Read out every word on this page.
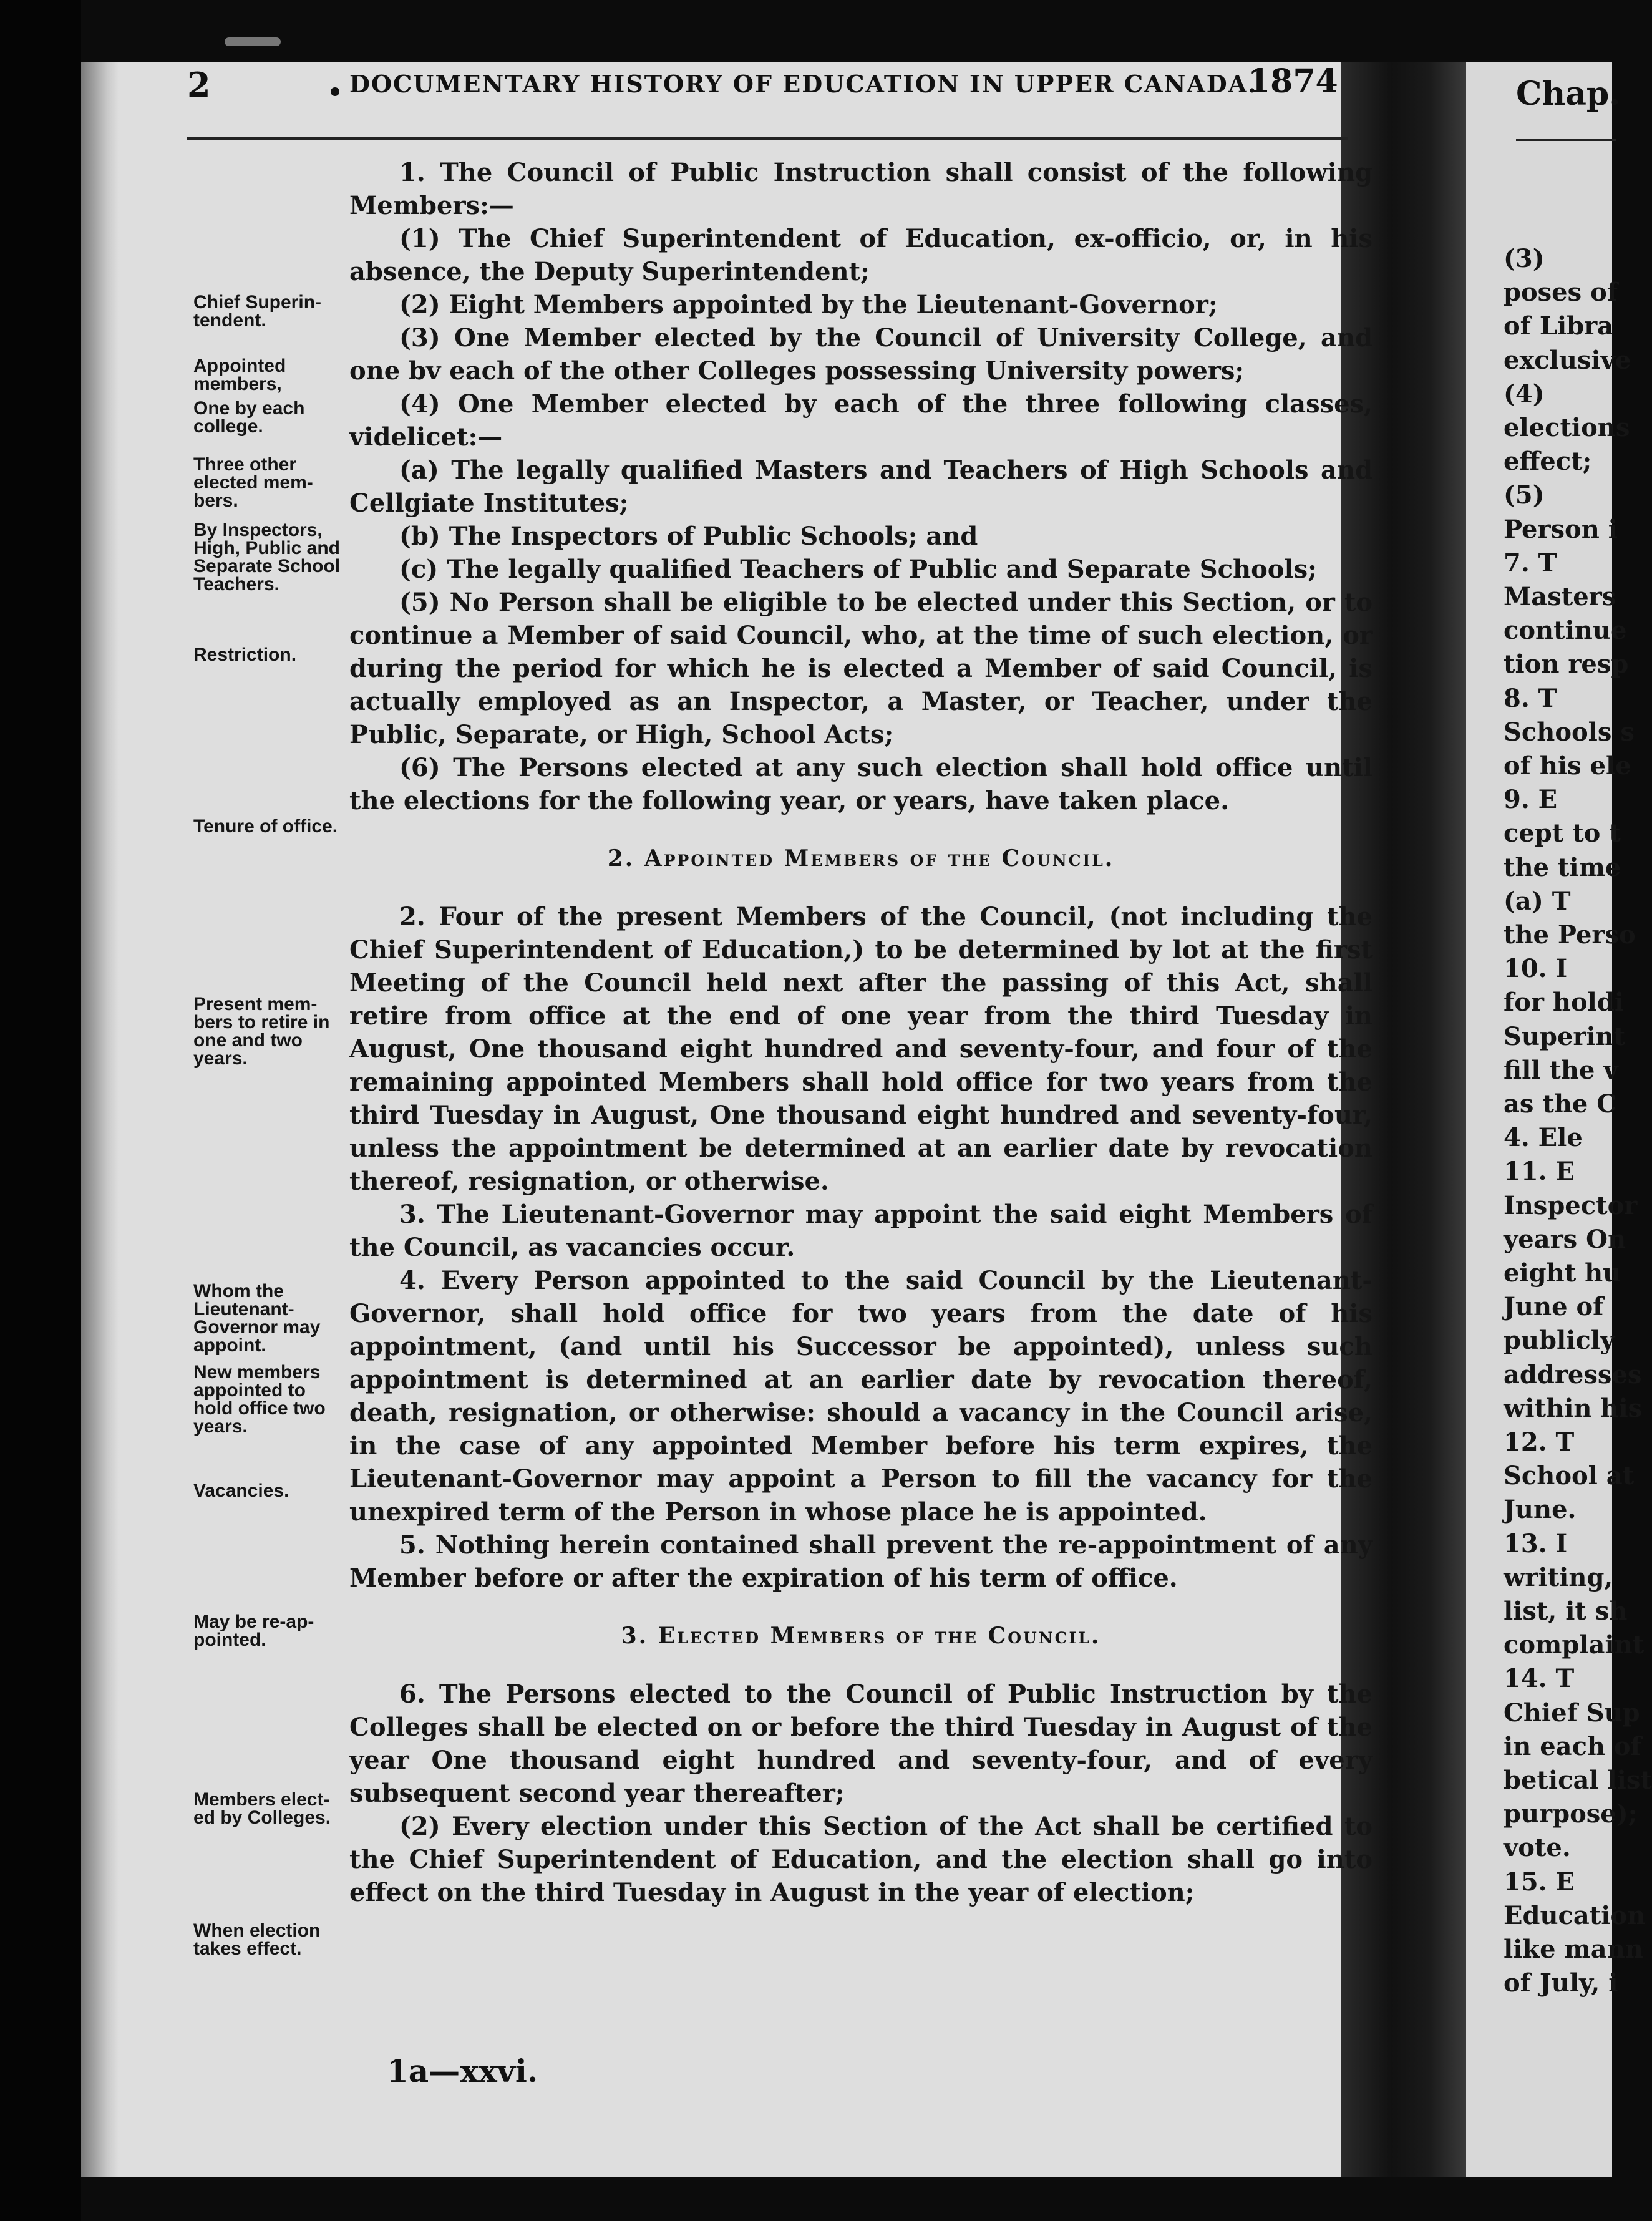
2	DOCUMENTARY HISTORY OF EDUCATION IN UPPER CANADA.
1874
Chief Superin-tendent.
Appointed members,
One by each college.
Three other elected mem-bers.
By Inspectors, High, Public and Separate School Teachers.
Restriction.
Tenure of office.
Present mem-bers to retire in one and two years.
Whom the Lieutenant-Governor may appoint.
New members appointed to hold office two years.
Vacancies.
May be re-ap-pointed.
Members elect-ed by Colleges.
When election takes effect.

1. The Council of Public Instruction shall consist of the following Members:—

(1) The Chief Superintendent of Education, ex-officio, or, in his absence, the Deputy Superintendent;

(2) Eight Members appointed by the Lieutenant-Governor;

(3) One Member elected by the Council of University College, and one bv each of the other Colleges possessing University powers;

(4) One Member elected by each of the three following classes, videlicet:—

(a) The legally qualified Masters and Teachers of High Schools and Cellgiate Institutes;

(b) The Inspectors of Public Schools; and

(c) The legally qualified Teachers of Public and Separate Schools;

(5) No Person shall be eligible to be elected under this Section, or to continue a Member of said Council, who, at the time of such election, or during the period for which he is elected a Member of said Council, is actually employed as an Inspector, a Master, or Teacher, under the Public, Separate, or High, School Acts;

(6) The Persons elected at any such election shall hold office until the elections for the following year, or years, have taken place.

2. Appointed Members of the Council.

2. Four of the present Members of the Council, (not including the Chief Superintendent of Education,) to be determined by lot at the first Meeting of the Council held next after the passing of this Act, shall retire from office at the end of one year from the third Tuesday in August, One thousand eight hundred and seventy-four, and four of the remaining appointed Members shall hold office for two years from the third Tuesday in August, One thousand eight hundred and seventy-four, unless the appointment be determined at an earlier date by revocation thereof, resignation, or otherwise.

3. The Lieutenant-Governor may appoint the said eight Members of the Council, as vacancies occur.

4. Every Person appointed to the said Council by the Lieutenant-Governor, shall hold office for two years from the date of his appointment, (and until his Successor be appointed), unless such appointment is determined at an earlier date by revocation thereof, death, resignation, or otherwise: should a vacancy in the Council arise, in the case of any appointed Member before his term expires, the Lieutenant-Governor may appoint a Person to fill the vacancy for the unexpired term of the Person in whose place he is appointed.

5. Nothing herein contained shall prevent the re-appointment of any Member before or after the expiration of his term of office.

3. Elected Members of the Council.

6. The Persons elected to the Council of Public Instruction by the Colleges shall be elected on or before the third Tuesday in August of the year One thousand eight hundred and seventy-four, and of every subsequent second year thereafter;

(2) Every election under this Section of the Act shall be certified to the Chief Superintendent of Education, and the election shall go into effect on the third Tuesday in August in the year of election;

1a—xxvi.
Chap.
(3)
poses of
of Libra
exclusive
(4)
elections
effect;
(5)
Person i
7. T
Masters
continue
tion resp
8. T
Schools s
of his ele
9. E
cept to t
the time
(a) T
the Perso
10. I
for holdi
Superint
fill the v
as the C
4. Ele
11. E
Inspector
years On
eight hu
June of
publicly
addresses
within his
12. T
School at
June.
13. I
writing,
list, it sh
complaint
14. T
Chief Sup
in each of
betical list
purpose);
vote.
15. E
Education
like mann
of July, i
